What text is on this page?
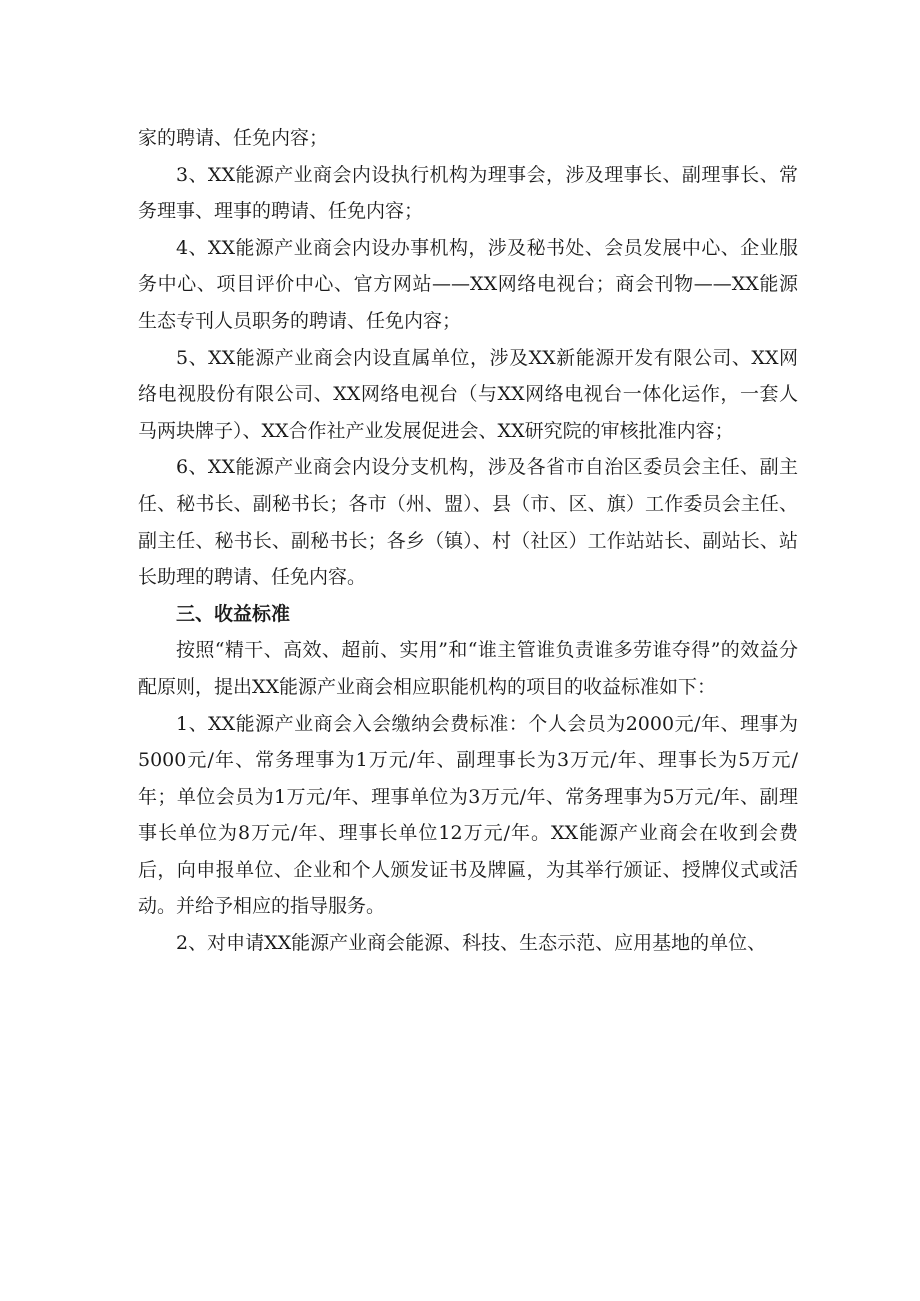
家的聘请、任免内容；

3、XX能源产业商会内设执行机构为理事会，涉及理事长、副理事长、常务理事、理事的聘请、任免内容；

4、XX能源产业商会内设办事机构，涉及秘书处、会员发展中心、企业服务中心、项目评价中心、官方网站——XX网络电视台；商会刊物——XX能源生态专刊人员职务的聘请、任免内容；

5、XX能源产业商会内设直属单位，涉及XX新能源开发有限公司、XX网络电视股份有限公司、XX网络电视台（与XX网络电视台一体化运作，一套人马两块牌子）、XX合作社产业发展促进会、XX研究院的审核批准内容；

6、XX能源产业商会内设分支机构，涉及各省市自治区委员会主任、副主任、秘书长、副秘书长；各市（州、盟）、县（市、区、旗）工作委员会主任、副主任、秘书长、副秘书长；各乡（镇）、村（社区）工作站站长、副站长、站长助理的聘请、任免内容。

三、收益标准

按照“精干、高效、超前、实用”和“谁主管谁负责谁多劳谁夺得”的效益分配原则，提出XX能源产业商会相应职能机构的项目的收益标准如下：

1、XX能源产业商会入会缴纳会费标准：个人会员为2000元/年、理事为5000元/年、常务理事为1万元/年、副理事长为3万元/年、理事长为5万元/年；单位会员为1万元/年、理事单位为3万元/年、常务理事为5万元/年、副理事长单位为8万元/年、理事长单位12万元/年。XX能源产业商会在收到会费后，向申报单位、企业和个人颁发证书及牌匾，为其举行颁证、授牌仪式或活动。并给予相应的指导服务。

2、对申请XX能源产业商会能源、科技、生态示范、应用基地的单位、
